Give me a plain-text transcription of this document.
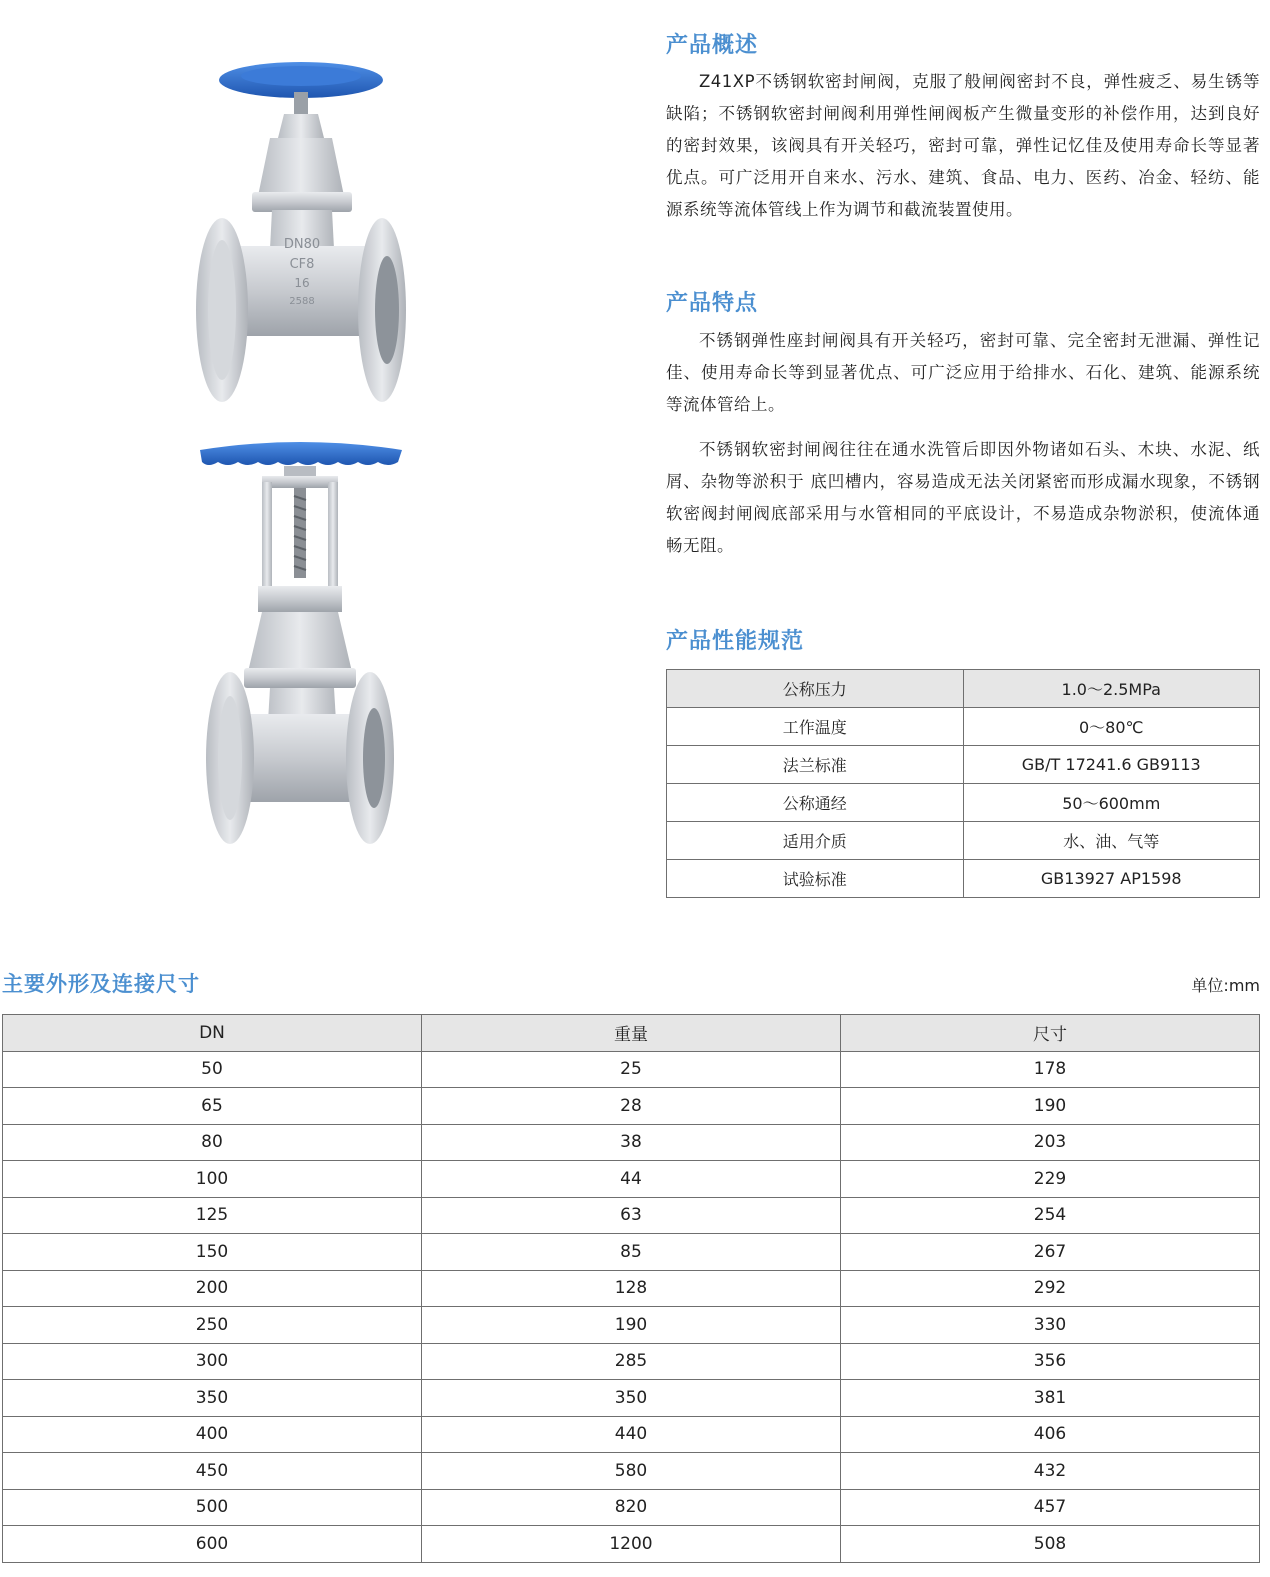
DN80
CF8
16
2588
产品概述

Z41XP不锈钢软密封闸阀，克服了般闸阀密封不良，弹性疲乏、易生锈等缺陷；不锈钢软密封闸阀利用弹性闸阀板产生微量变形的补偿作用，达到良好的密封效果，该阀具有开关轻巧，密封可靠，弹性记忆佳及使用寿命长等显著优点。可广泛用开自来水、污水、建筑、食品、电力、医药、冶金、轻纺、能源系统等流体管线上作为调节和截流装置使用。

产品特点

不锈钢弹性座封闸阀具有开关轻巧，密封可靠、完全密封无泄漏、弹性记佳、使用寿命长等到显著优点、可广泛应用于给排水、石化、建筑、能源系统等流体管给上。

不锈钢软密封闸阀往往在通水洗管后即因外物诸如石头、木块、水泥、纸屑、杂物等淤积于 底凹槽内，容易造成无法关闭紧密而形成漏水现象，不锈钢软密阀封闸阀底部采用与水管相同的平底设计，不易造成杂物淤积，使流体通畅无阻。

产品性能规范
公称压力	1.0～2.5MPa
工作温度	0～80℃
法兰标准	GB/T 17241.6 GB9113
公称通经	50～600mm
适用介质	水、油、气等
试验标准	GB13927 AP1598
主要外形及连接尺寸	单位:mm
DN	重量	尺寸
50	25	178
65	28	190
80	38	203
100	44	229
125	63	254
150	85	267
200	128	292
250	190	330
300	285	356
350	350	381
400	440	406
450	580	432
500	820	457
600	1200	508
